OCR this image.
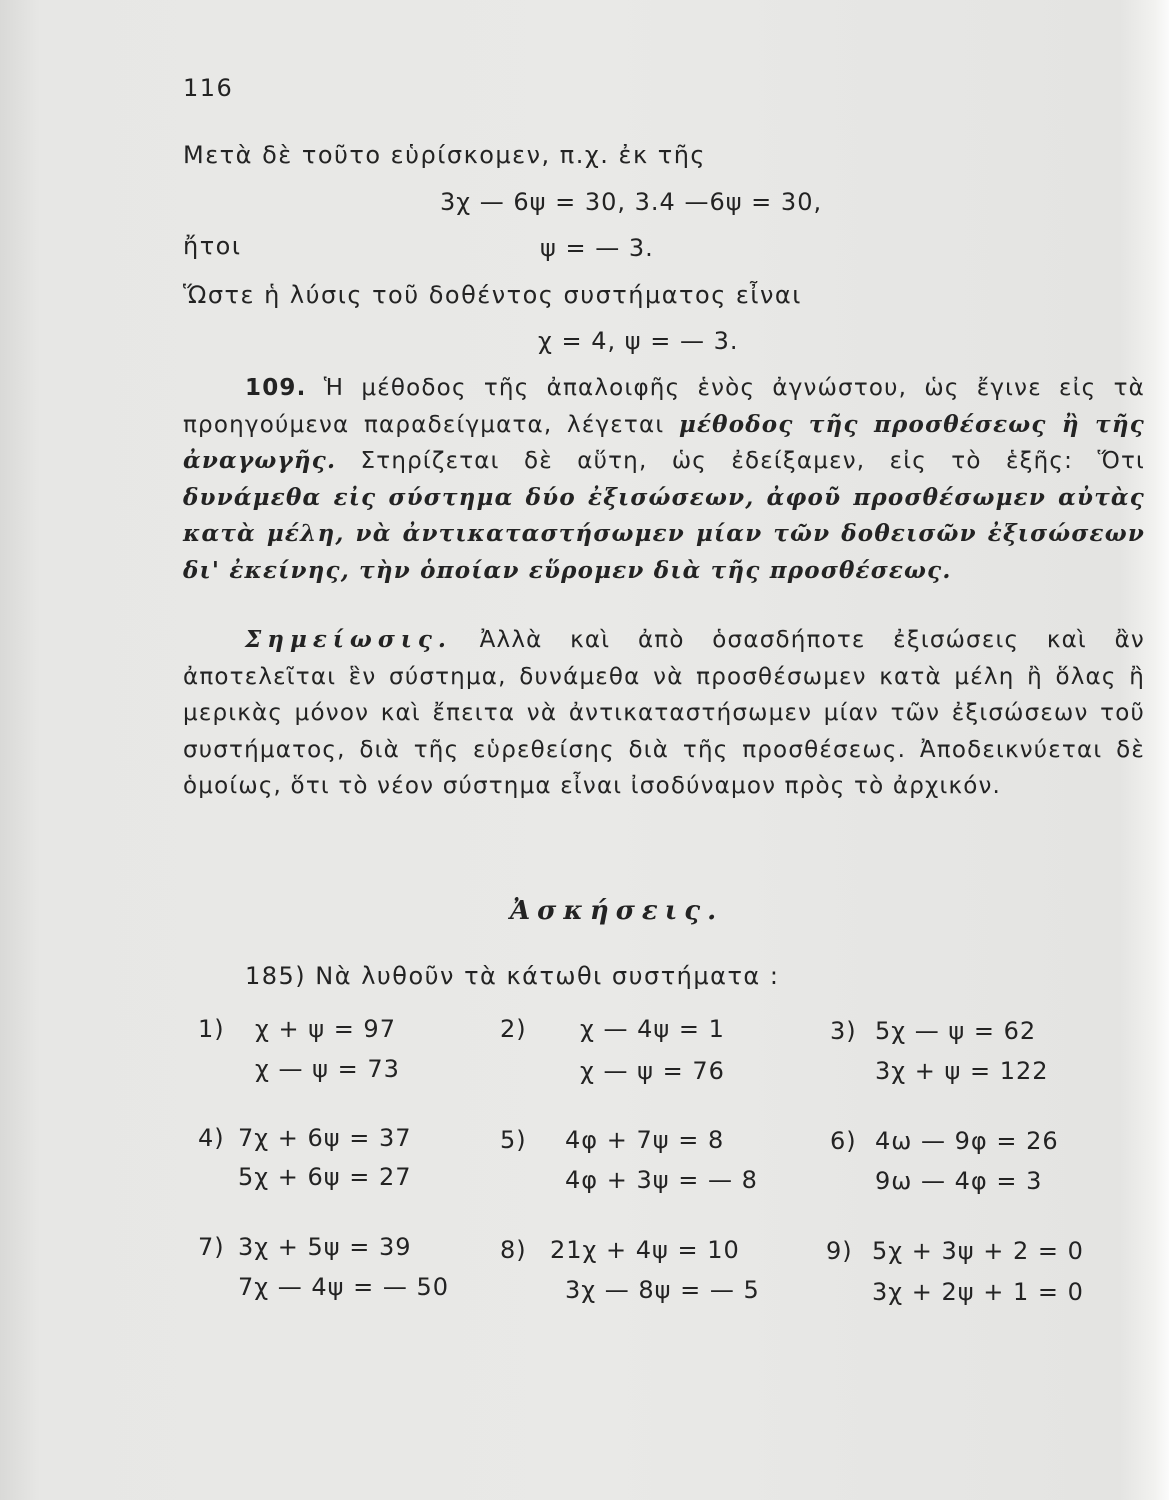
116
Μετὰ δὲ τοῦτο εὑρίσκομεν, π.χ. ἐκ τῆς
3χ — 6ψ = 30, 3.4 —6ψ = 30,
ἤτοι	ψ = — 3.
Ὥστε ἡ λύσις τοῦ δοθέντος συστήματος εἶναι
χ = 4, ψ = — 3.
109. Ἡ μέθοδος τῆς ἀπαλοιφῆς ἑνὸς ἀγνώστου, ὡς ἔγινε εἰς τὰ προηγούμενα παραδείγματα, λέγεται μέθοδος τῆς προσθέσεως ἢ τῆς ἀναγωγῆς. Στηρίζεται δὲ αὕτη, ὡς ἐδείξαμεν, εἰς τὸ ἑξῆς: Ὅτι δυνάμεθα εἰς σύστημα δύο ἐξισώσεων, ἀφοῦ προσθέσωμεν αὐτὰς κατὰ μέλη, νὰ ἀντικαταστήσωμεν μίαν τῶν δοθεισῶν ἐξισώσεων δι' ἐκείνης, τὴν ὁποίαν εὕρομεν διὰ τῆς προσθέσεως.
Σημείωσις. Ἀλλὰ καὶ ἀπὸ ὁσασδήποτε ἐξισώσεις καὶ ἂν ἀποτελεῖται ἓν σύστημα, δυνάμεθα νὰ προσθέσωμεν κατὰ μέλη ἢ ὅλας ἢ μερικὰς μόνον καὶ ἔπειτα νὰ ἀντικαταστήσωμεν μίαν τῶν ἐξισώσεων τοῦ συστήματος, διὰ τῆς εὑρεθείσης διὰ τῆς προσθέσεως. Ἀποδεικνύεται δὲ ὁμοίως, ὅτι τὸ νέον σύστημα εἶναι ἰσοδύναμον πρὸς τὸ ἀρχικόν.
Ἀσκήσεις.
185) Νὰ λυθοῦν τὰ κάτωθι συστήματα :
1) χ + ψ = 97
χ — ψ = 73
2) χ — 4ψ = 1
χ — ψ = 76
3) 5χ — ψ = 62
3χ + ψ = 122
4) 7χ + 6ψ = 37
5χ + 6ψ = 27
5) 4φ + 7ψ = 8
4φ + 3ψ = — 8
6) 4ω — 9φ = 26
9ω — 4φ = 3
7) 3χ + 5ψ = 39
7χ — 4ψ = — 50
8) 21χ + 4ψ = 10
3χ — 8ψ = — 5
9) 5χ + 3ψ + 2 = 0
3χ + 2ψ + 1 = 0
